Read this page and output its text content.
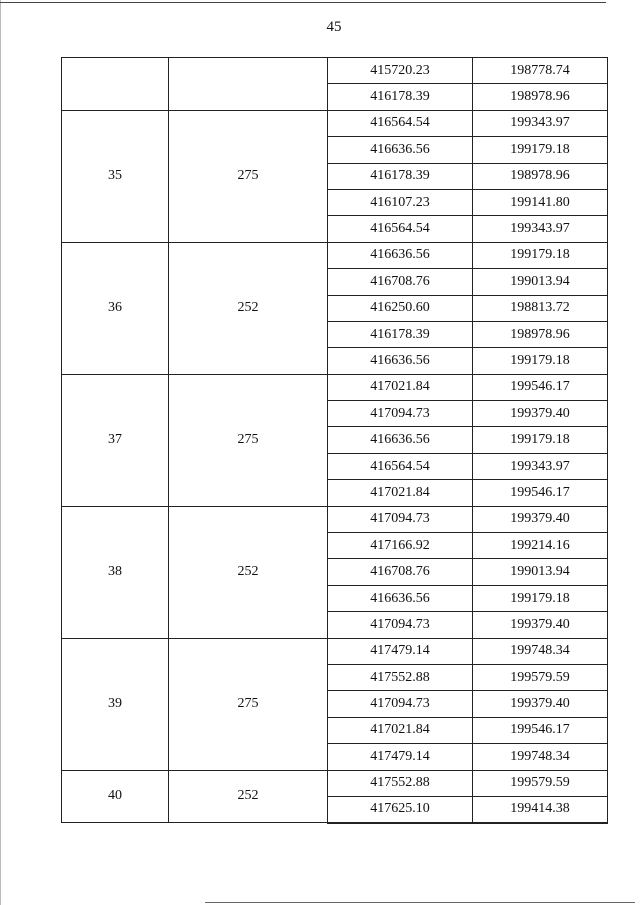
45
		415720.23	198778.74
		416178.39	198978.96
35	275	416564.54	199343.97
		416636.56	199179.18
		416178.39	198978.96
		416107.23	199141.80
		416564.54	199343.97
36	252	416636.56	199179.18
		416708.76	199013.94
		416250.60	198813.72
		416178.39	198978.96
		416636.56	199179.18
37	275	417021.84	199546.17
		417094.73	199379.40
		416636.56	199179.18
		416564.54	199343.97
		417021.84	199546.17
38	252	417094.73	199379.40
		417166.92	199214.16
		416708.76	199013.94
		416636.56	199179.18
		417094.73	199379.40
39	275	417479.14	199748.34
		417552.88	199579.59
		417094.73	199379.40
		417021.84	199546.17
		417479.14	199748.34
40	252	417552.88	199579.59
		417625.10	199414.38
